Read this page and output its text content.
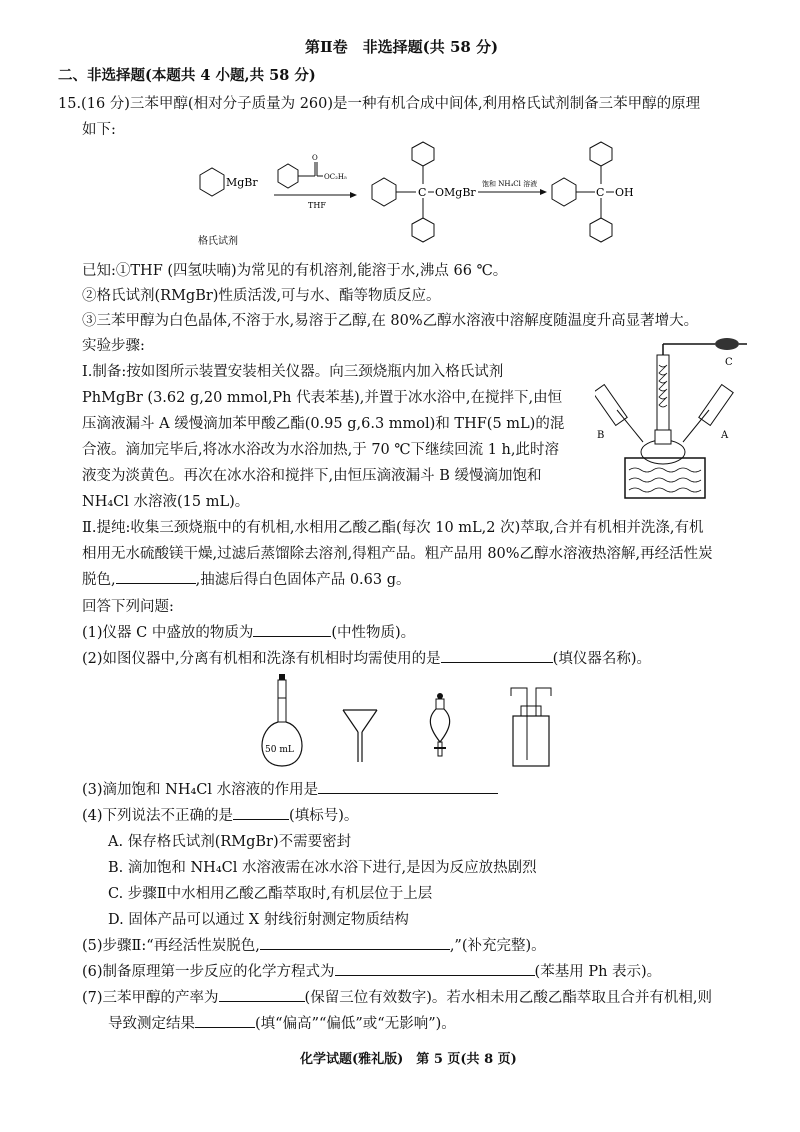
第Ⅱ卷　非选择题(共 58 分)
二、非选择题(本题共 4 小题,共 58 分)
15.(16 分)三苯甲醇(相对分子质量为 260)是一种有机合成中间体,利用格氏试剂制备三苯甲醇的原理
如下:
MgBr
格氏试剂
O
OC₂H₅
THF
C OMgBr
饱和 NH₄Cl 溶液
C OH
已知:①THF (四氢呋喃)为常见的有机溶剂,能溶于水,沸点 66 ℃。
②格氏试剂(RMgBr)性质活泼,可与水、酯等物质反应。
③三苯甲醇为白色晶体,不溶于水,易溶于乙醇,在 80%乙醇水溶液中溶解度随温度升高显著增大。
实验步骤:
Ⅰ.制备:按如图所示装置安装相关仪器。向三颈烧瓶内加入格氏试剂
PhMgBr (3.62 g,20 mmol,Ph 代表苯基),并置于冰水浴中,在搅拌下,由恒
压滴液漏斗 A 缓慢滴加苯甲酸乙酯(0.95 g,6.3 mmol)和 THF(5 mL)的混
合液。滴加完毕后,将冰水浴改为水浴加热,于 70 ℃下继续回流 1 h,此时溶
液变为淡黄色。再次在冰水浴和搅拌下,由恒压滴液漏斗 B 缓慢滴加饱和
NH₄Cl 水溶液(15 mL)。
C
B	A
Ⅱ.提纯:收集三颈烧瓶中的有机相,水相用乙酸乙酯(每次 10 mL,2 次)萃取,合并有机相并洗涤,有机
相用无水硫酸镁干燥,过滤后蒸馏除去溶剂,得粗产品。粗产品用 80%乙醇水溶液热溶解,再经活性炭
脱色,	,抽滤后得白色固体产品 0.63 g。
回答下列问题:
(1)仪器 C 中盛放的物质为	(中性物质)。
(2)如图仪器中,分离有机相和洗涤有机相时均需使用的是	(填仪器名称)。
50 mL
(3)滴加饱和 NH₄Cl 水溶液的作用是
(4)下列说法不正确的是	(填标号)。
A. 保存格氏试剂(RMgBr)不需要密封
B. 滴加饱和 NH₄Cl 水溶液需在冰水浴下进行,是因为反应放热剧烈
C. 步骤Ⅱ中水相用乙酸乙酯萃取时,有机层位于上层
D. 固体产品可以通过 X 射线衍射测定物质结构
(5)步骤Ⅱ:“再经活性炭脱色,	,”(补充完整)。
(6)制备原理第一步反应的化学方程式为	(苯基用 Ph 表示)。
(7)三苯甲醇的产率为	(保留三位有效数字)。若水相未用乙酸乙酯萃取且合并有机相,则
导致测定结果	(填“偏高”“偏低”或“无影响”)。
化学试题(雅礼版)　第 5 页(共 8 页)
